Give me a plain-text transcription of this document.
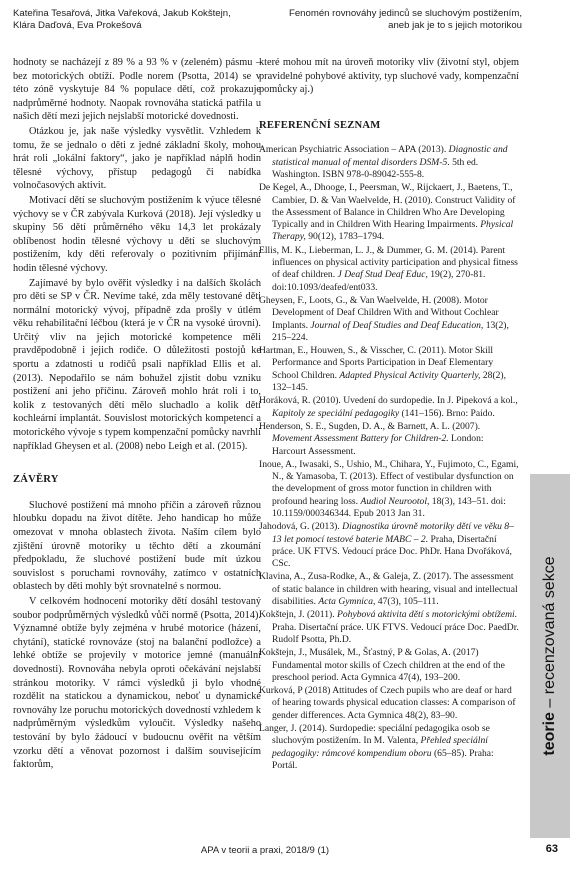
Kateřina Tesařová, Jitka Vařeková, Jakub Kokštejn,
Klára Daďová, Eva Prokešová
Fenomén rovnováhy jedinců se sluchovým postižením,
aneb jak je to s jejich motorikou

hodnoty se nacházejí z 89 % a 93 % v (zeleném) pásmu – bez motorických obtíží. Podle norem (Psotta, 2014) se v této zóně vyskytuje 84 % populace dětí, což prokazuje nadprůměrné hodnoty. Naopak rovnováha statická patřila u našich dětí mezi jejich nejslabší motorické dovednosti.

Otázkou je, jak naše výsledky vysvětlit. Vzhledem k tomu, že se jednalo o děti z jedné základní školy, mohou hrát roli „lokální faktory“, jako je například náplň hodin tělesné výchovy, přístup pedagogů či nabídka volnočasových aktivit.

Motivací dětí se sluchovým postižením k výuce tělesné výchovy se v ČR zabývala Kurková (2018). Její výsledky u skupiny 56 dětí průměrného věku 14,3 let prokázaly oblíbenost hodin tělesné výchovy u dětí se sluchovým postižením, kdy děti referovaly o pozitivním přijímání hodin tělesné výchovy.

Zajímavé by bylo ověřit výsledky i na dalších školách pro děti se SP v ČR. Nevíme také, zda měly testované děti normální motorický vývoj, případně zda prošly v útlém věku rehabilitační léčbou (která je v ČR na vysoké úrovni). Určitý vliv na jejich motorické kompetence měli pravděpodobně i jejich rodiče. O důležitosti postojů ke sportu a zdatnosti u rodičů psali například Ellis et al. (2013). Nepodařilo se nám bohužel zjistit dobu vzniku postižení ani jeho příčinu. Zároveň mohlo hrát roli i to, kolik z testovaných dětí mělo sluchadlo a kolik dětí kochleární implantát. Souvislost motorických kompetencí a motorického vývoje s typem kompenzační pomůcky navrhli například Gheysen et al. (2008) nebo Leigh et al. (2015).

ZÁVĚRY

Sluchové postižení má mnoho příčin a zároveň různou hloubku dopadu na život dítěte. Jeho handicap ho může omezovat v mnoha oblastech života. Naším cílem bylo zjištění úrovně motoriky u těchto dětí a zkoumání předpokladu, že sluchové postižení bude mít úzkou souvislost s poruchami rovnováhy, zatímco v ostatních oblastech by děti mohly být srovnatelné s normou.

V celkovém hodnocení motoriky dětí dosáhl testovaný soubor podprůměrných výsledků vůči normě (Psotta, 2014). Významné obtíže byly zejména v hrubé motorice (házení, chytání), statické rovnováze (stoj na balanční podložce) a lehké obtíže se projevily v motorice jemné (manuální dovednosti). Rovnováha nebyla oproti očekávání nejslabší stránkou motoriky. V rámci výsledků ji bylo vhodné rozdělit na statickou a dynamickou, neboť u dynamické rovnováhy lze poruchu motorických dovedností vzhledem k nadprůměrným výsledkům vyloučit. Výsledky našeho testování by bylo žádoucí v budoucnu ověřit na větším vzorku dětí a věnovat pozornost i dalším souvisejícím faktorům,

které mohou mít na úroveň motoriky vliv (životní styl, objem pravidelné pohybové aktivity, typ sluchové vady, kompenzační pomůcky aj.)

REFERENČNÍ SEZNAM

American Psychiatric Association – APA (2013). Diagnostic and statistical manual of mental disorders DSM-5. 5th ed. Washington. ISBN 978-0-89042-555-8.

De Kegel, A., Dhooge, I., Peersman, W., Rijckaert, J., Baetens, T., Cambier, D. & Van Waelvelde, H. (2010). Construct Validity of the Assessment of Balance in Children Who Are Developing Typically and in Children With Hearing Impairments. Physical Therapy, 90(12), 1783–1794.

Ellis, M. K., Lieberman, L. J., & Dummer, G. M. (2014). Parent influences on physical activity participation and physical fitness of deaf children. J Deaf Stud Deaf Educ, 19(2), 270-81. doi:10.1093/deafed/ent033.

Gheysen, F., Loots, G., & Van Waelvelde, H. (2008). Motor Development of Deaf Children With and Without Cochlear Implants. Journal of Deaf Studies and Deaf Education, 13(2), 215–224.

Hartman, E., Houwen, S., & Visscher, C. (2011). Motor Skill Performance and Sports Participation in Deaf Elementary School Children. Adapted Physical Activity Quarterly, 28(2), 132–145.

Horáková, R. (2010). Uvedení do surdopedie. In J. Pipeková a kol., Kapitoly ze speciální pedagogiky (141–156). Brno: Paido.

Henderson, S. E., Sugden, D. A., & Barnett, A. L. (2007). Movement Assessment Battery for Children-2. London: Harcourt Assessment.

Inoue, A., Iwasaki, S., Ushio, M., Chihara, Y., Fujimoto, C., Egami, N., & Yamasoba, T. (2013). Effect of vestibular dysfunction on the development of gross motor function in children with profound hearing loss. Audiol Neurootol, 18(3), 143–51. doi: 10.1159/000346344. Epub 2013 Jan 31.

Jahodová, G. (2013). Diagnostika úrovně motoriky dětí ve věku 8–13 let pomocí testové baterie MABC – 2. Praha, Disertační práce. UK FTVS. Vedoucí práce Doc. PhDr. Hana Dvořáková, CSc.

Klavina, A., Zusa-Rodke, A., & Galeja, Z. (2017). The assessment of static balance in children with hearing, visual and intellectual disabilities. Acta Gymnica, 47(3), 105–111.

Kokštejn, J. (2011). Pohybová aktivita dětí s motorickými obtížemi. Praha. Disertační práce. UK FTVS. Vedoucí práce Doc. PaedDr. Rudolf Psotta, Ph.D.

Kokštejn, J., Musálek, M., Šťastný, P & Golas, A. (2017) Fundamental motor skills of Czech children at the end of the preschool period. Acta Gymnica 47(4), 193–200.

Kurková, P (2018) Attitudes of Czech pupils who are deaf or hard of hearing towards physical education classes: A comparison of gender differences. Acta Gymnica 48(2), 83–90.

Langer, J. (2014). Surdopedie: speciální pedagogika osob se sluchovým postižením. In M. Valenta, Přehled speciální pedagogiky: rámcové kompendium oboru (65–85). Praha: Portál.

teorie – recenzovaná sekce
APA v teorii a praxi, 2018/9 (1)	63
